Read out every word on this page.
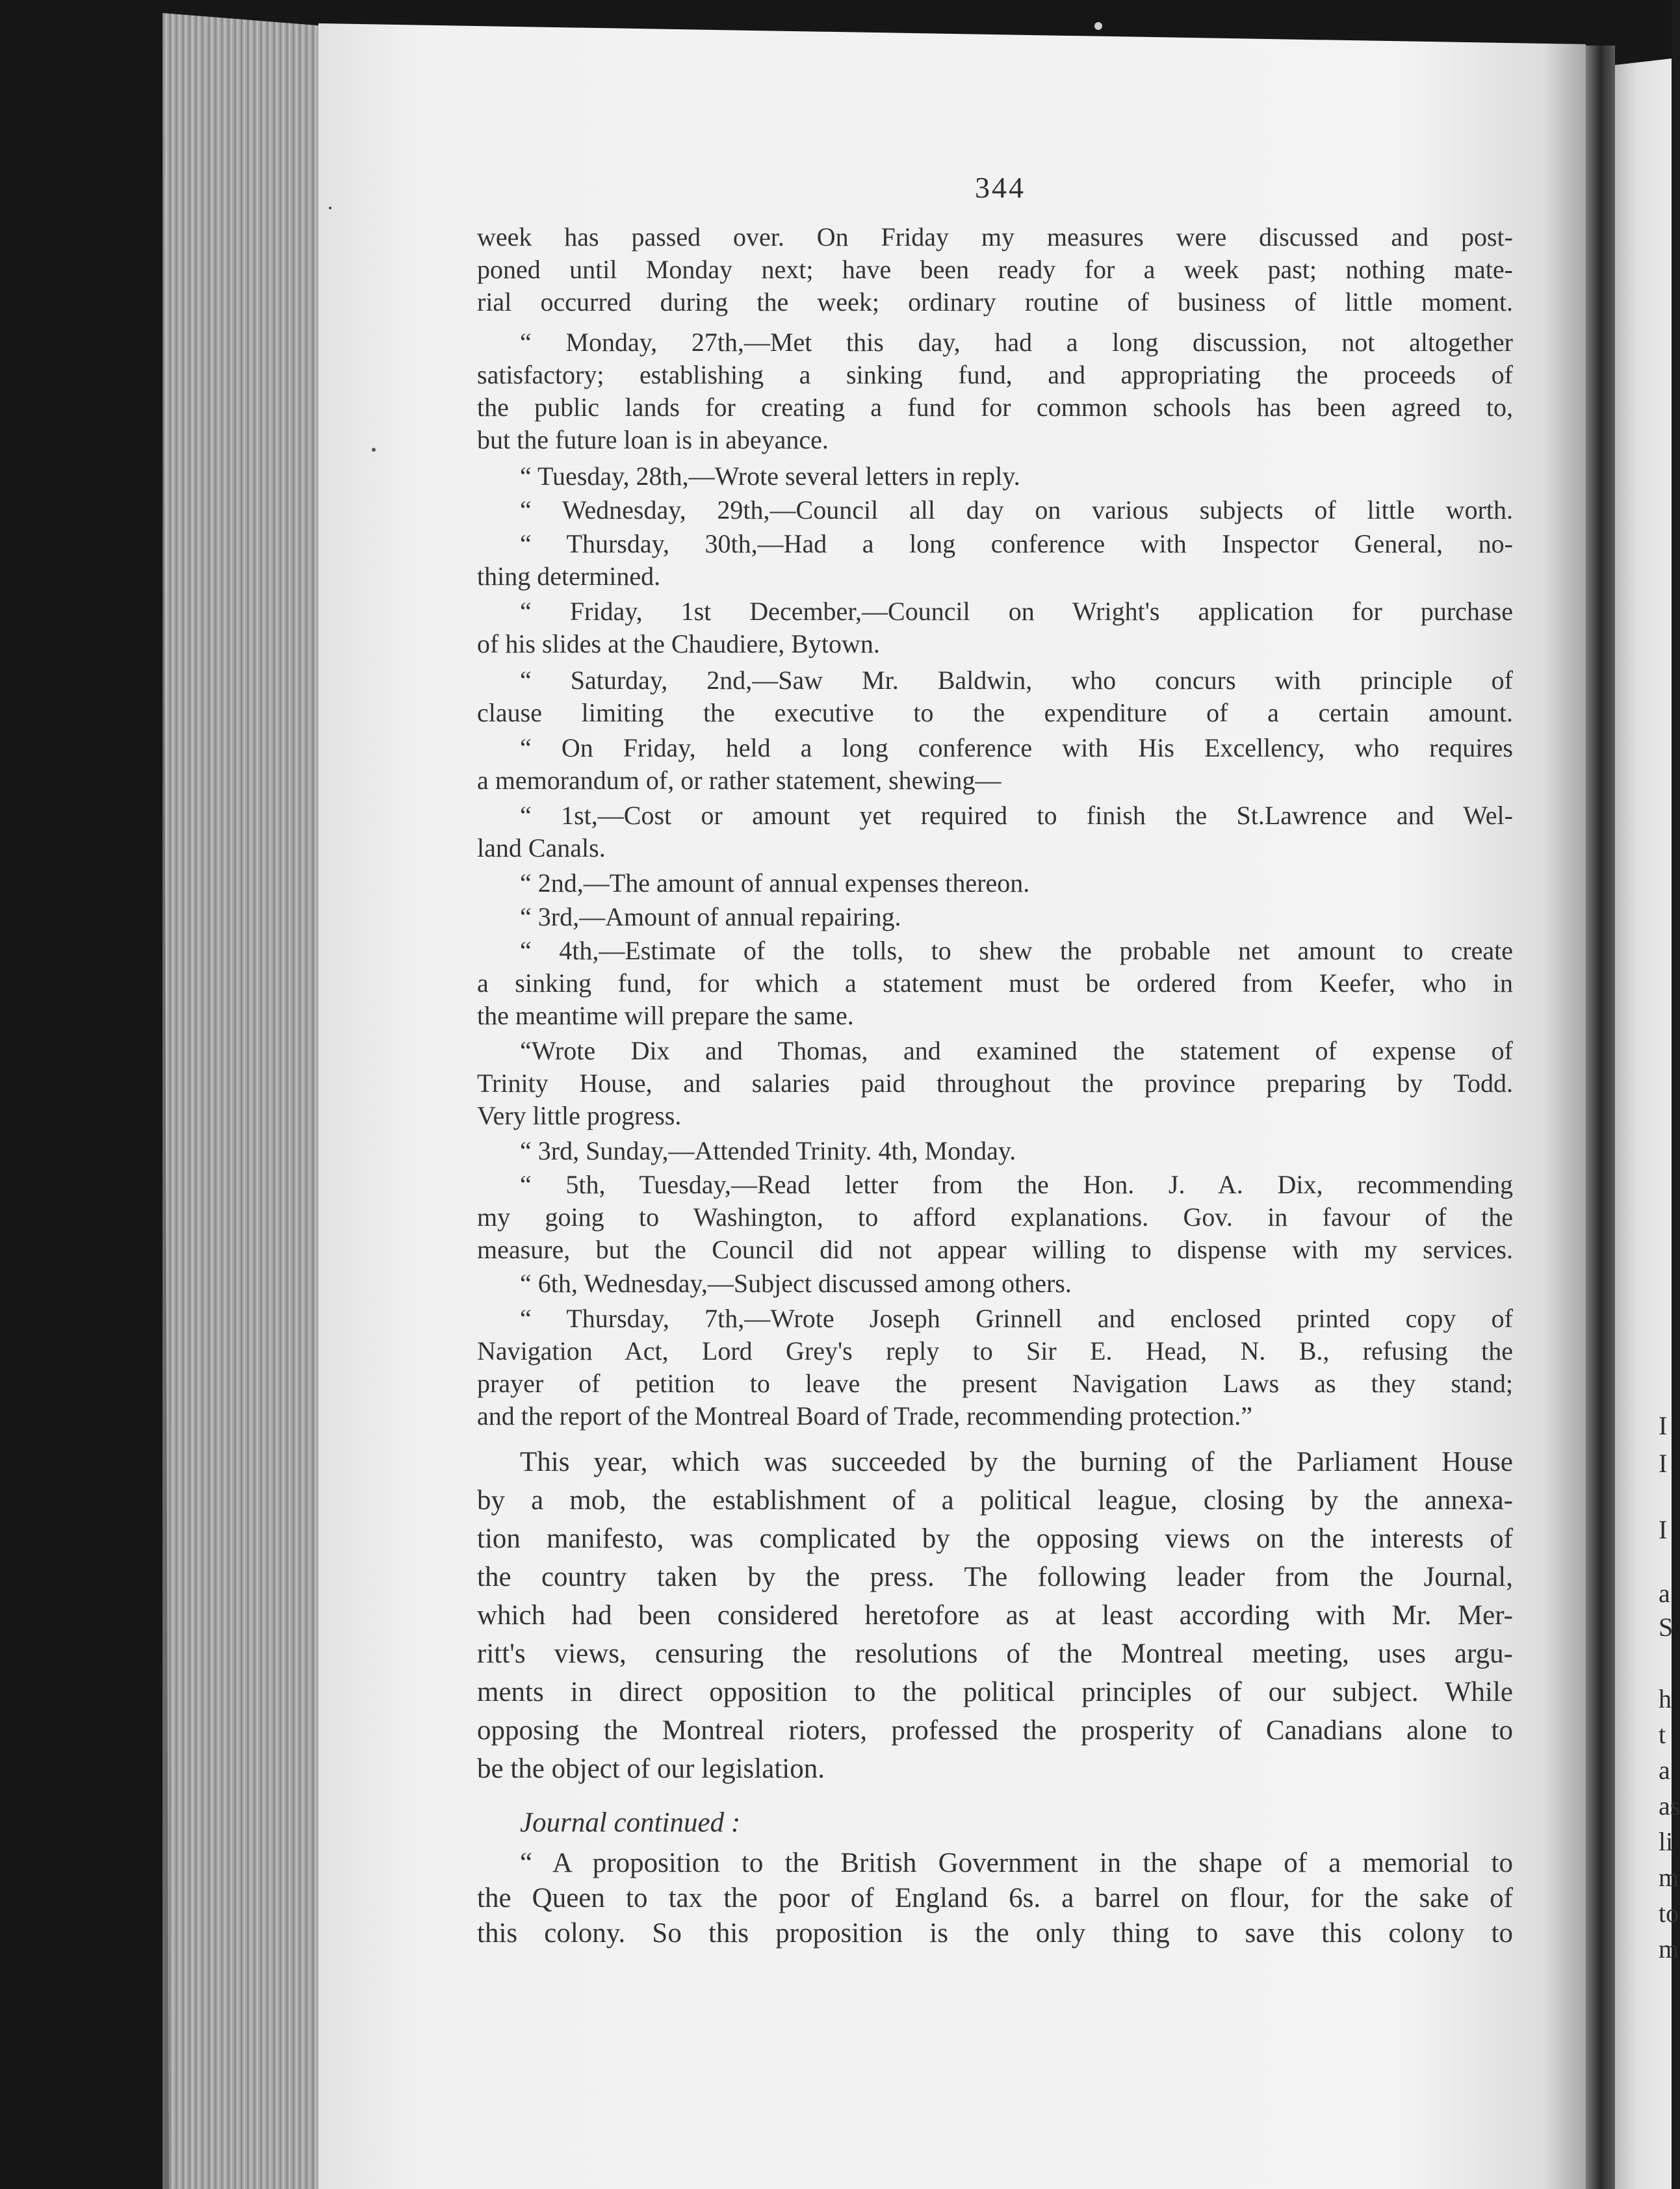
344
week has passed over. On Friday my measures were discussed and post-
poned until Monday next; have been ready for a week past; nothing mate-
rial occurred during the week; ordinary routine of business of little moment.
“ Monday, 27th,—Met this day, had a long discussion, not altogether
satisfactory; establishing a sinking fund, and appropriating the proceeds of
the public lands for creating a fund for common schools has been agreed to,
but the future loan is in abeyance.
“ Tuesday, 28th,—Wrote several letters in reply.
“ Wednesday, 29th,—Council all day on various subjects of little worth.
“ Thursday, 30th,—Had a long conference with Inspector General, no-
thing determined.
“ Friday, 1st December,—Council on Wright's application for purchase
of his slides at the Chaudiere, Bytown.
“ Saturday, 2nd,—Saw Mr. Baldwin, who concurs with principle of
clause limiting the executive to the expenditure of a certain amount.
“ On Friday, held a long conference with His Excellency, who requires
a memorandum of, or rather statement, shewing—
“ 1st,—Cost or amount yet required to finish the St.Lawrence and Wel-
land Canals.
“ 2nd,—The amount of annual expenses thereon.
“ 3rd,—Amount of annual repairing.
“ 4th,—Estimate of the tolls, to shew the probable net amount to create
a sinking fund, for which a statement must be ordered from Keefer, who in
the meantime will prepare the same.
“Wrote Dix and Thomas, and examined the statement of expense of
Trinity House, and salaries paid throughout the province preparing by Todd.
Very little progress.
“ 3rd, Sunday,—Attended Trinity. 4th, Monday.
“ 5th, Tuesday,—Read letter from the Hon. J. A. Dix, recommending
my going to Washington, to afford explanations. Gov. in favour of the
measure, but the Council did not appear willing to dispense with my services.
“ 6th, Wednesday,—Subject discussed among others.
“ Thursday, 7th,—Wrote Joseph Grinnell and enclosed printed copy of
Navigation Act, Lord Grey's reply to Sir E. Head, N. B., refusing the
prayer of petition to leave the present Navigation Laws as they stand;
and the report of the Montreal Board of Trade, recommending protection.”
This year, which was succeeded by the burning of the Parliament House
by a mob, the establishment of a political league, closing by the annexa-
tion manifesto, was complicated by the opposing views on the interests of
the country taken by the press. The following leader from the Journal,
which had been considered heretofore as at least according with Mr. Mer-
ritt's views, censuring the resolutions of the Montreal meeting, uses argu-
ments in direct opposition to the political principles of our subject. While
opposing the Montreal rioters, professed the prosperity of Canadians alone to
be the object of our legislation.
Journal continued :
“ A proposition to the British Government in the shape of a memorial to
the Queen to tax the poor of England 6s. a barrel on flour, for the sake of
this colony. So this proposition is the only thing to save this colony to
I
I
I
a
S
h
t
a
as
li
m
to
m
